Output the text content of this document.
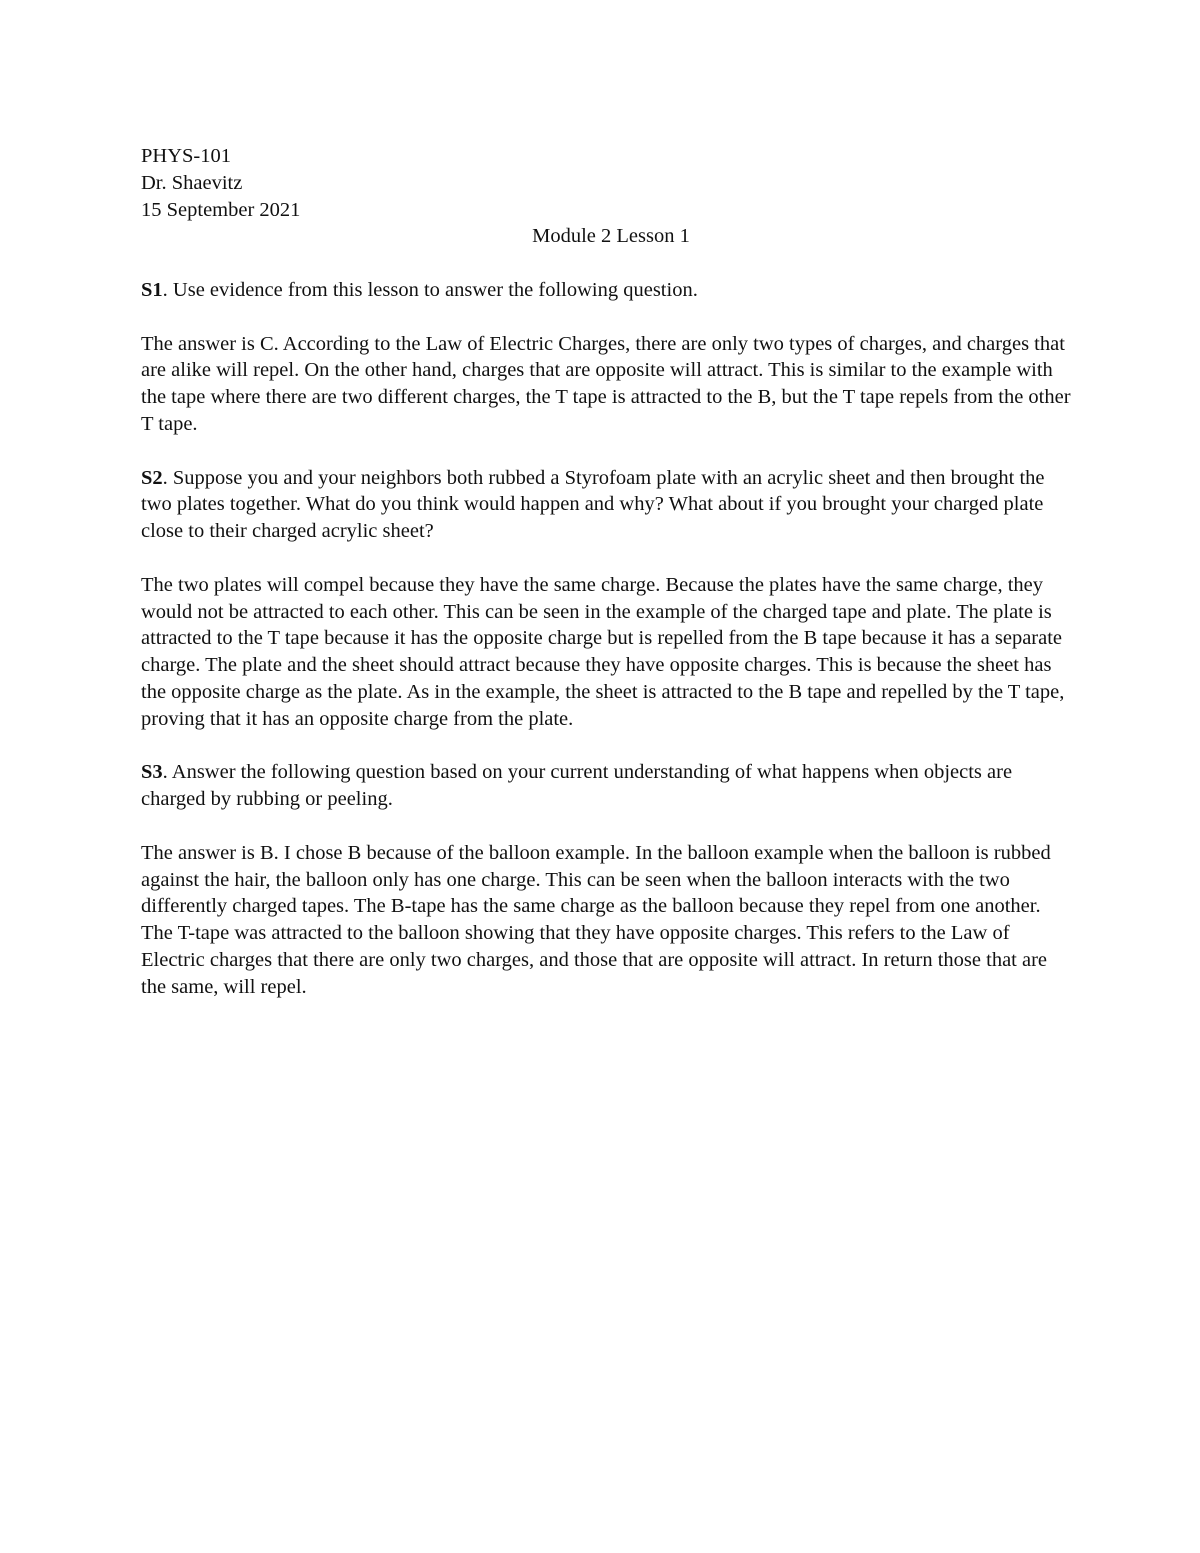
PHYS-101

Dr. Shaevitz

15 September 2021

Module 2 Lesson 1

S1. Use evidence from this lesson to answer the following question.

The answer is C. According to the Law of Electric Charges, there are only two types of charges, and charges that are alike will repel. On the other hand, charges that are opposite will attract. This is similar to the example with the tape where there are two different charges, the T tape is attracted to the B, but the T tape repels from the other T tape.

S2. Suppose you and your neighbors both rubbed a Styrofoam plate with an acrylic sheet and then brought the two plates together. What do you think would happen and why? What about if you brought your charged plate close to their charged acrylic sheet?

The two plates will compel because they have the same charge. Because the plates have the same charge, they would not be attracted to each other. This can be seen in the example of the charged tape and plate. The plate is attracted to the T tape because it has the opposite charge but is repelled from the B tape because it has a separate charge. The plate and the sheet should attract because they have opposite charges. This is because the sheet has the opposite charge as the plate. As in the example, the sheet is attracted to the B tape and repelled by the T tape, proving that it has an opposite charge from the plate.

S3. Answer the following question based on your current understanding of what happens when objects are charged by rubbing or peeling.

The answer is B. I chose B because of the balloon example. In the balloon example when the balloon is rubbed against the hair, the balloon only has one charge. This can be seen when the balloon interacts with the two differently charged tapes. The B-tape has the same charge as the balloon because they repel from one another. The T-tape was attracted to the balloon showing that they have opposite charges. This refers to the Law of Electric charges that there are only two charges, and those that are opposite will attract. In return those that are the same, will repel.
